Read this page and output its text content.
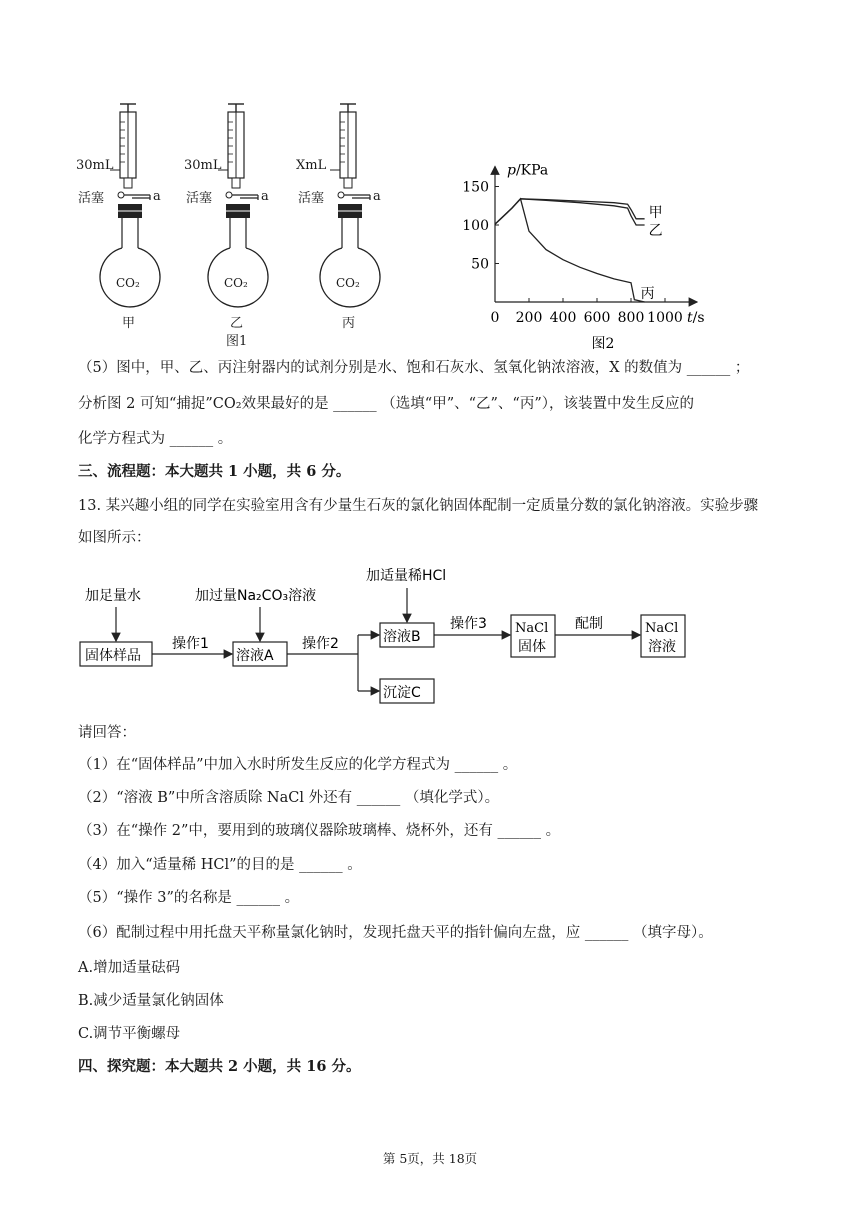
30mL
活塞	a
CO₂
甲
30mL
活塞	a
CO₂
乙
XmL
活塞	a
CO₂
丙
图1
50
100
150
0 200 400 600 800 1000
p/KPa
t/s
甲
乙
丙
图2
（5）图中，甲、乙、丙注射器内的试剂分别是水、饱和石灰水、氢氧化钠浓溶液，X 的数值为 ______ ；
分析图 2 可知“捕捉”CO₂效果最好的是 ______ （选填“甲”、“乙”、“丙”），该装置中发生反应的
化学方程式为 ______ 。
三、流程题：本大题共 1 小题，共 6 分。
13. 某兴趣小组的同学在实验室用含有少量生石灰的氯化钠固体配制一定质量分数的氯化钠溶液。实验步骤
如图所示：
加足量水	加过量Na₂CO₃溶液
加适量稀HCl
固体样品
操作1
溶液A
操作2	溶液B
沉淀C
操作3 NaCl
固体
配制	NaCl
溶液
请回答：
（1）在“固体样品”中加入水时所发生反应的化学方程式为 ______ 。
（2）“溶液 B”中所含溶质除 NaCl 外还有 ______ （填化学式）。
（3）在“操作 2”中，要用到的玻璃仪器除玻璃棒、烧杯外，还有 ______ 。
（4）加入“适量稀 HCl”的目的是 ______ 。
（5）“操作 3”的名称是 ______ 。
（6）配制过程中用托盘天平称量氯化钠时，发现托盘天平的指针偏向左盘，应 ______ （填字母）。
A.增加适量砝码
B.减少适量氯化钠固体
C.调节平衡螺母
四、探究题：本大题共 2 小题，共 16 分。
第 5页，共 18页
